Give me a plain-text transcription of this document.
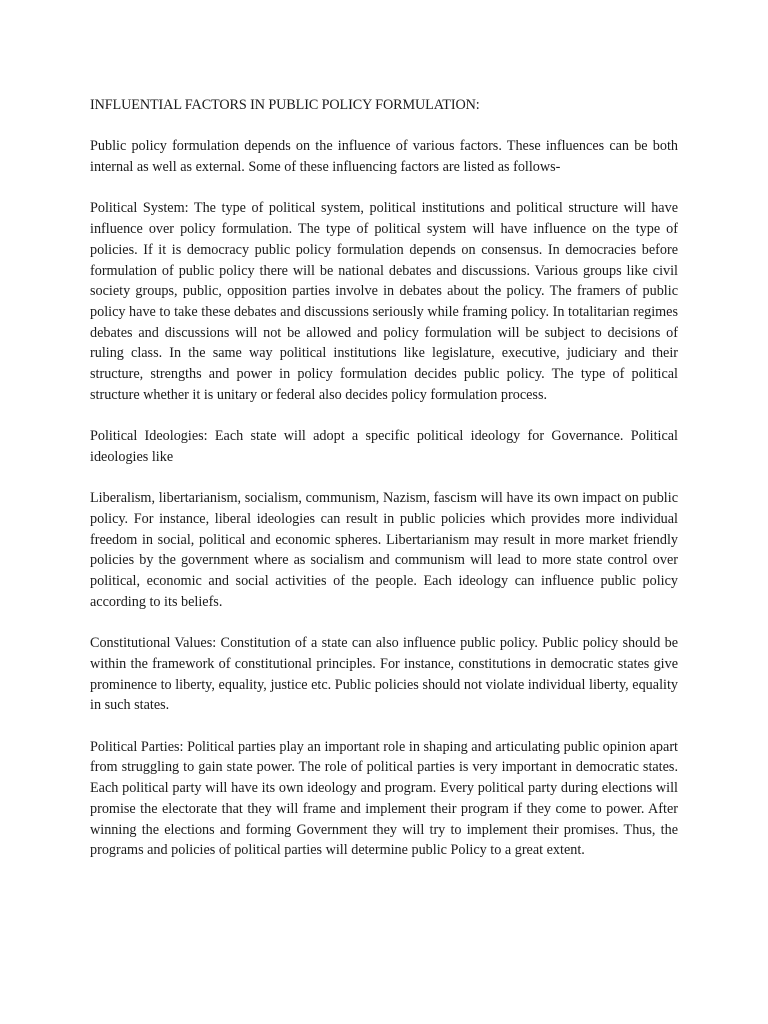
INFLUENTIAL FACTORS IN PUBLIC POLICY FORMULATION:

Public policy formulation depends on the influence of various factors. These influences can be both internal as well as external. Some of these influencing factors are listed as follows-

Political System: The type of political system, political institutions and political structure will have influence over policy formulation. The type of political system will have influence on the type of policies. If it is democracy public policy formulation depends on consensus. In democracies before formulation of public policy there will be national debates and discussions. Various groups like civil society groups, public, opposition parties involve in debates about the policy. The framers of public policy have to take these debates and discussions seriously while framing policy. In totalitarian regimes debates and discussions will not be allowed and policy formulation will be subject to decisions of ruling class. In the same way political institutions like legislature, executive, judiciary and their structure, strengths and power in policy formulation decides public policy. The type of political structure whether it is unitary or federal also decides policy formulation process.

Political Ideologies: Each state will adopt a specific political ideology for Governance. Political ideologies like

Liberalism, libertarianism, socialism, communism, Nazism, fascism will have its own impact on public policy. For instance, liberal ideologies can result in public policies which provides more individual freedom in social, political and economic spheres. Libertarianism may result in more market friendly policies by the government where as socialism and communism will lead to more state control over political, economic and social activities of the people. Each ideology can influence public policy according to its beliefs.

Constitutional Values: Constitution of a state can also influence public policy. Public policy should be within the framework of constitutional principles. For instance, constitutions in democratic states give prominence to liberty, equality, justice etc. Public policies should not violate individual liberty, equality in such states.

Political Parties: Political parties play an important role in shaping and articulating public opinion apart from struggling to gain state power. The role of political parties is very important in democratic states. Each political party will have its own ideology and program. Every political party during elections will promise the electorate that they will frame and implement their program if they come to power. After winning the elections and forming Government they will try to implement their promises. Thus, the programs and policies of political parties will determine public Policy to a great extent.
